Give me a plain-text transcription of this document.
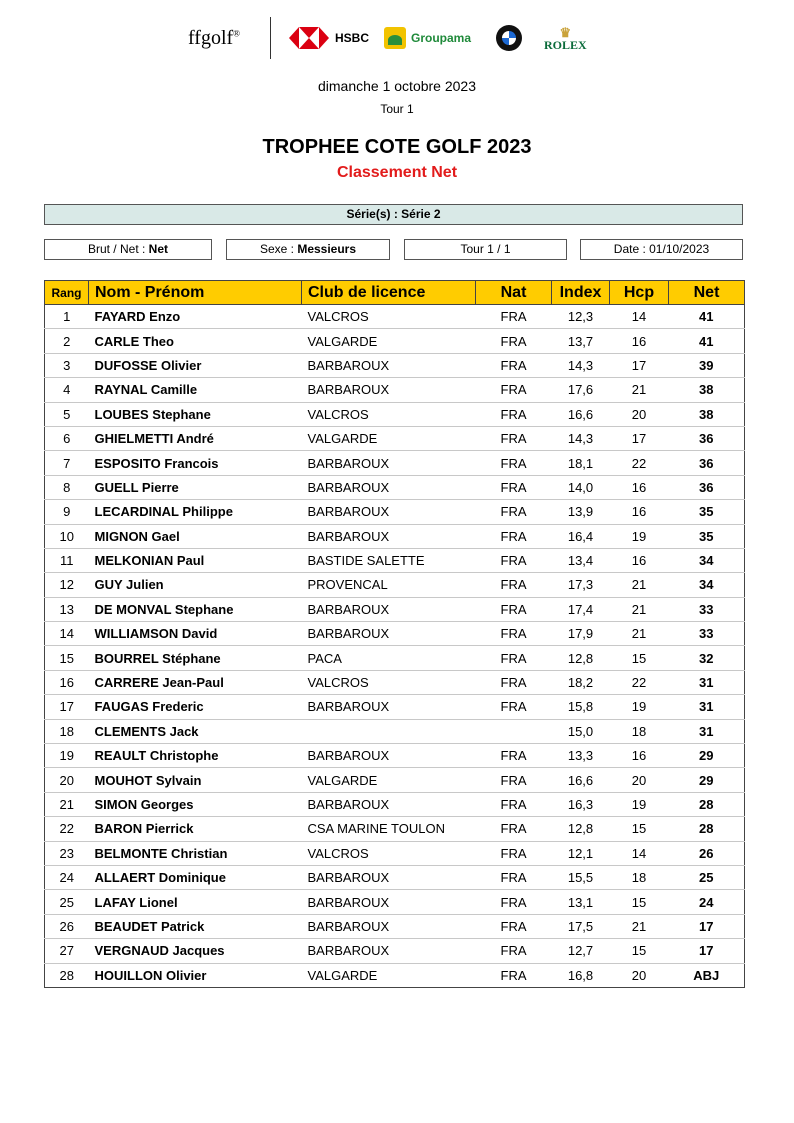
ffgolf®	HSBC	Groupama	♛
ROLEX
dimanche 1 octobre 2023
Tour 1
TROPHEE COTE GOLF 2023
Classement Net
Série(s) : Série 2
Brut / Net : Net	Sexe : Messieurs	Tour 1 / 1	Date : 01/10/2023
Rang	Nom - Prénom	Club de licence	Nat	Index	Hcp	Net
1	FAYARD Enzo	VALCROS	FRA	12,3	14	41
2	CARLE Theo	VALGARDE	FRA	13,7	16	41
3	DUFOSSE Olivier	BARBAROUX	FRA	14,3	17	39
4	RAYNAL Camille	BARBAROUX	FRA	17,6	21	38
5	LOUBES Stephane	VALCROS	FRA	16,6	20	38
6	GHIELMETTI André	VALGARDE	FRA	14,3	17	36
7	ESPOSITO Francois	BARBAROUX	FRA	18,1	22	36
8	GUELL Pierre	BARBAROUX	FRA	14,0	16	36
9	LECARDINAL Philippe	BARBAROUX	FRA	13,9	16	35
10	MIGNON Gael	BARBAROUX	FRA	16,4	19	35
11	MELKONIAN Paul	BASTIDE SALETTE	FRA	13,4	16	34
12	GUY Julien	PROVENCAL	FRA	17,3	21	34
13	DE MONVAL Stephane	BARBAROUX	FRA	17,4	21	33
14	WILLIAMSON David	BARBAROUX	FRA	17,9	21	33
15	BOURREL Stéphane	PACA	FRA	12,8	15	32
16	CARRERE Jean-Paul	VALCROS	FRA	18,2	22	31
17	FAUGAS Frederic	BARBAROUX	FRA	15,8	19	31
18	CLEMENTS Jack			15,0	18	31
19	REAULT Christophe	BARBAROUX	FRA	13,3	16	29
20	MOUHOT Sylvain	VALGARDE	FRA	16,6	20	29
21	SIMON Georges	BARBAROUX	FRA	16,3	19	28
22	BARON Pierrick	CSA MARINE TOULON	FRA	12,8	15	28
23	BELMONTE Christian	VALCROS	FRA	12,1	14	26
24	ALLAERT Dominique	BARBAROUX	FRA	15,5	18	25
25	LAFAY Lionel	BARBAROUX	FRA	13,1	15	24
26	BEAUDET Patrick	BARBAROUX	FRA	17,5	21	17
27	VERGNAUD Jacques	BARBAROUX	FRA	12,7	15	17
28	HOUILLON Olivier	VALGARDE	FRA	16,8	20	ABJ
